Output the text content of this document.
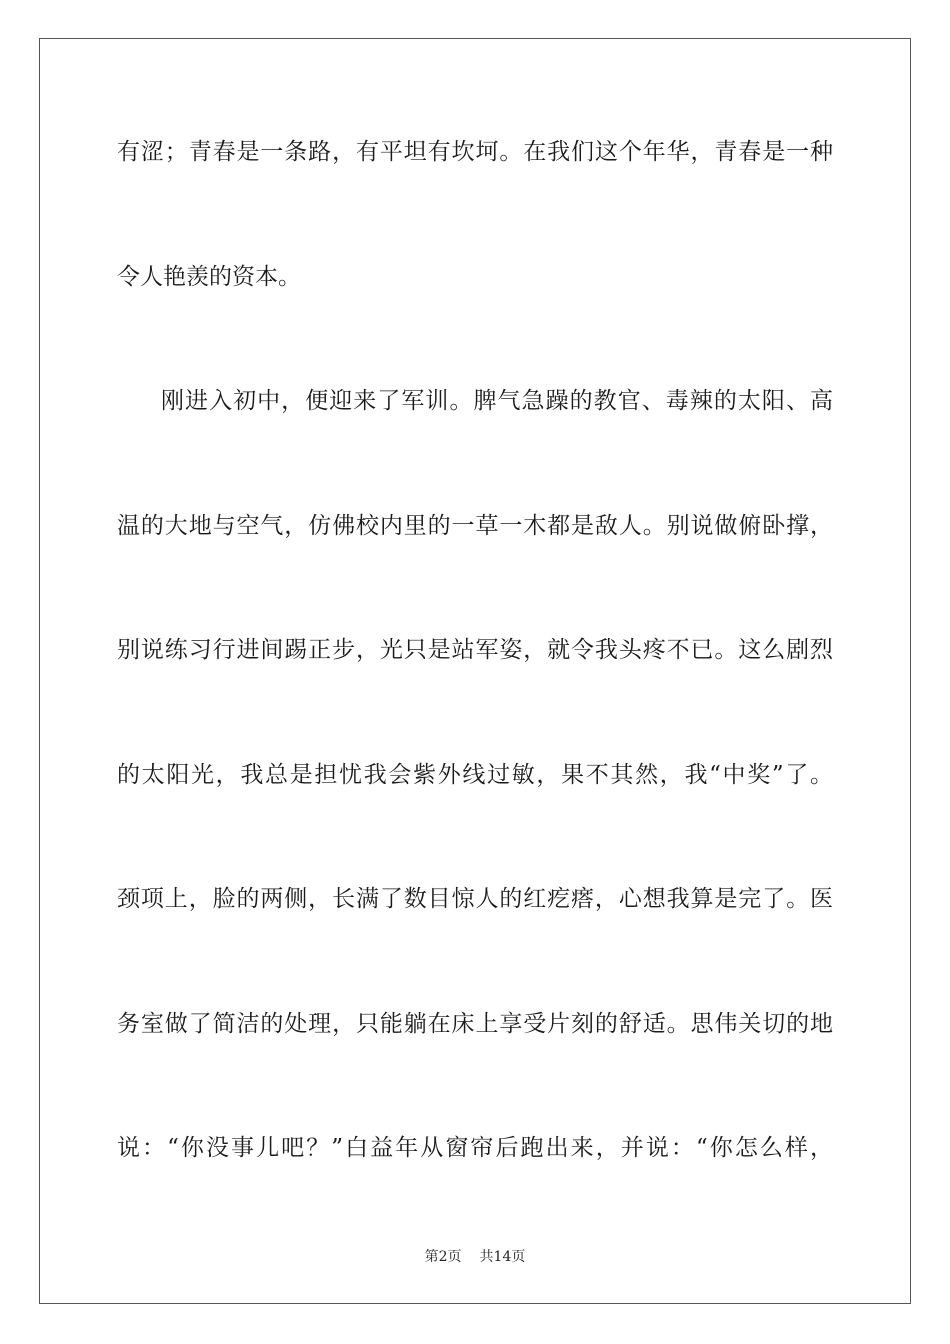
有涩；青春是一条路，有平坦有坎坷。在我们这个年华，青春是一种
令人艳羡的资本。
刚进入初中，便迎来了军训。脾气急躁的教官、毒辣的太阳、高
温的大地与空气，仿佛校内里的一草一木都是敌人。别说做俯卧撑，
别说练习行进间踢正步，光只是站军姿，就令我头疼不已。这么剧烈
的太阳光，我总是担忧我会紫外线过敏，果不其然，我“中奖”了。
颈项上，脸的两侧，长满了数目惊人的红疙瘩，心想我算是完了。医
务室做了简洁的处理，只能躺在床上享受片刻的舒适。思伟关切的地
说：“你没事儿吧？”白益年从窗帘后跑出来，并说：“你怎么样，
第2页 共14页
